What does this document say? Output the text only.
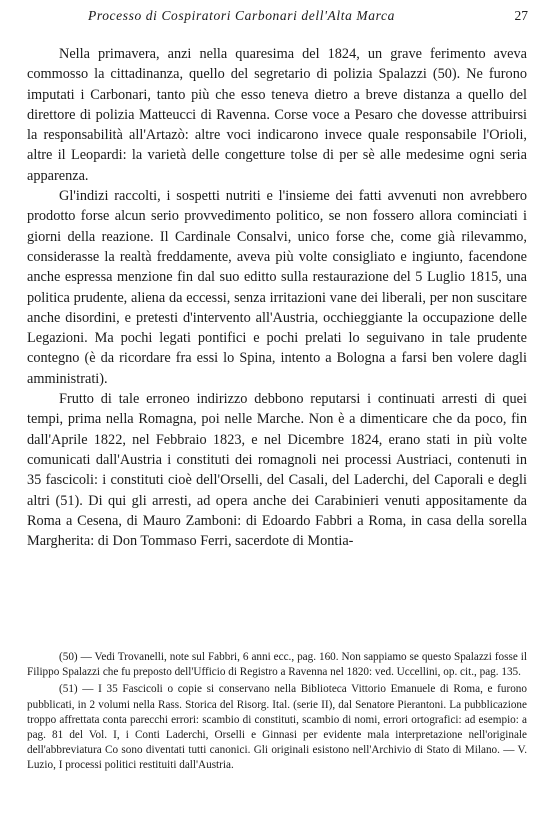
Processo di Cospiratori Carbonari dell'Alta Marca	27

Nella primavera, anzi nella quaresima del 1824, un grave ferimento aveva commosso la cittadinanza, quello del segretario di polizia Spalazzi (50). Ne furono imputati i Carbonari, tanto più che esso teneva dietro a breve distanza a quello del direttore di polizia Matteucci di Ravenna. Corse voce a Pesaro che dovesse attribuirsi la responsabilità all'Artazò: altre voci indicarono invece quale responsabile l'Orioli, altre il Leopardi: la varietà delle congetture tolse di per sè alle medesime ogni seria apparenza.

Gl'indizi raccolti, i sospetti nutriti e l'insieme dei fatti avvenuti non avrebbero prodotto forse alcun serio provvedimento politico, se non fossero allora cominciati i giorni della reazione. Il Cardinale Consalvi, unico forse che, come già rilevammo, considerasse la realtà freddamente, aveva più volte consigliato e ingiunto, facendone anche espressa menzione fin dal suo editto sulla restaurazione del 5 Luglio 1815, una politica prudente, aliena da eccessi, senza irritazioni vane dei liberali, per non suscitare anche disordini, e pretesti d'intervento all'Austria, occhieggiante la occupazione delle Legazioni. Ma pochi legati pontifici e pochi prelati lo seguivano in tale prudente contegno (è da ricordare fra essi lo Spina, intento a Bologna a farsi ben volere dagli amministrati).

Frutto di tale erroneo indirizzo debbono reputarsi i continuati arresti di quei tempi, prima nella Romagna, poi nelle Marche. Non è a dimenticare che da poco, fin dall'Aprile 1822, nel Febbraio 1823, e nel Dicembre 1824, erano stati in più volte comunicati dall'Austria i constituti dei romagnoli nei processi Austriaci, contenuti in 35 fascicoli: i constituti cioè dell'Orselli, del Casali, del Laderchi, del Caporali e degli altri (51). Di qui gli arresti, ad opera anche dei Carabinieri venuti appositamente da Roma a Cesena, di Mauro Zamboni: di Edoardo Fabbri a Roma, in casa della sorella Margherita: di Don Tommaso Ferri, sacerdote di Montia-

(50) — Vedi Trovanelli, note sul Fabbri, 6 anni ecc., pag. 160. Non sappiamo se questo Spalazzi fosse il Filippo Spalazzi che fu preposto dell'Ufficio di Registro a Ravenna nel 1820: ved. Uccellini, op. cit., pag. 135.

(51) — I 35 Fascicoli o copie si conservano nella Biblioteca Vittorio Emanuele di Roma, e furono pubblicati, in 2 volumi nella Rass. Storica del Risorg. Ital. (serie II), dal Senatore Pierantoni. La pubblicazione troppo affrettata conta parecchi errori: scambio di constituti, scambio di nomi, errori ortografici: ad esempio: a pag. 81 del Vol. I, i Conti Laderchi, Orselli e Ginnasi per evidente mala interpretazione nell'originale dell'abbreviatura Co sono diventati tutti canonici. Gli originali esistono nell'Archivio di Stato di Milano. — V. Luzio, I processi politici restituiti dall'Austria.
